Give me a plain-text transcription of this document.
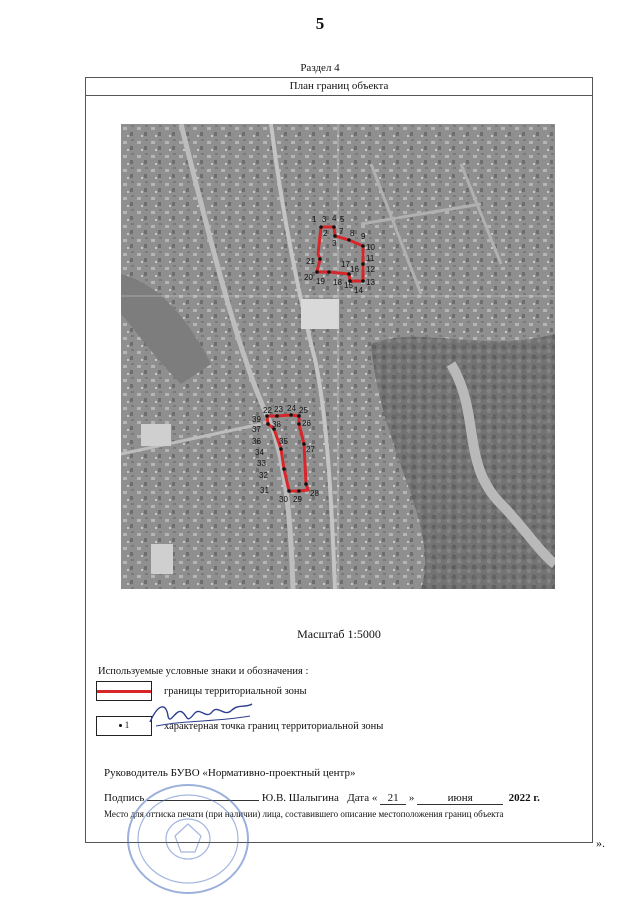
5
Раздел 4
План границ объекта
1 3 4 5
2 7 8 9
3	10
11
21	17
16 12
20 19 18 15 13
14
39
22 23 24 25
37
38	26
36 35
34	27
33
32
31
30 29
28
Масштаб 1:5000
Используемые условные знаки и обозначения :
границы территориальной зоны
1	характерная точка границ территориальной зоны
Руководитель БУВО «Нормативно-проектный центр»
Подпись	Ю.В. Шалыгина Дата « 21 »	июня	2022 г.
Место для оттиска печати (при наличии) лица, составившего описание местоположения границ объекта
».
